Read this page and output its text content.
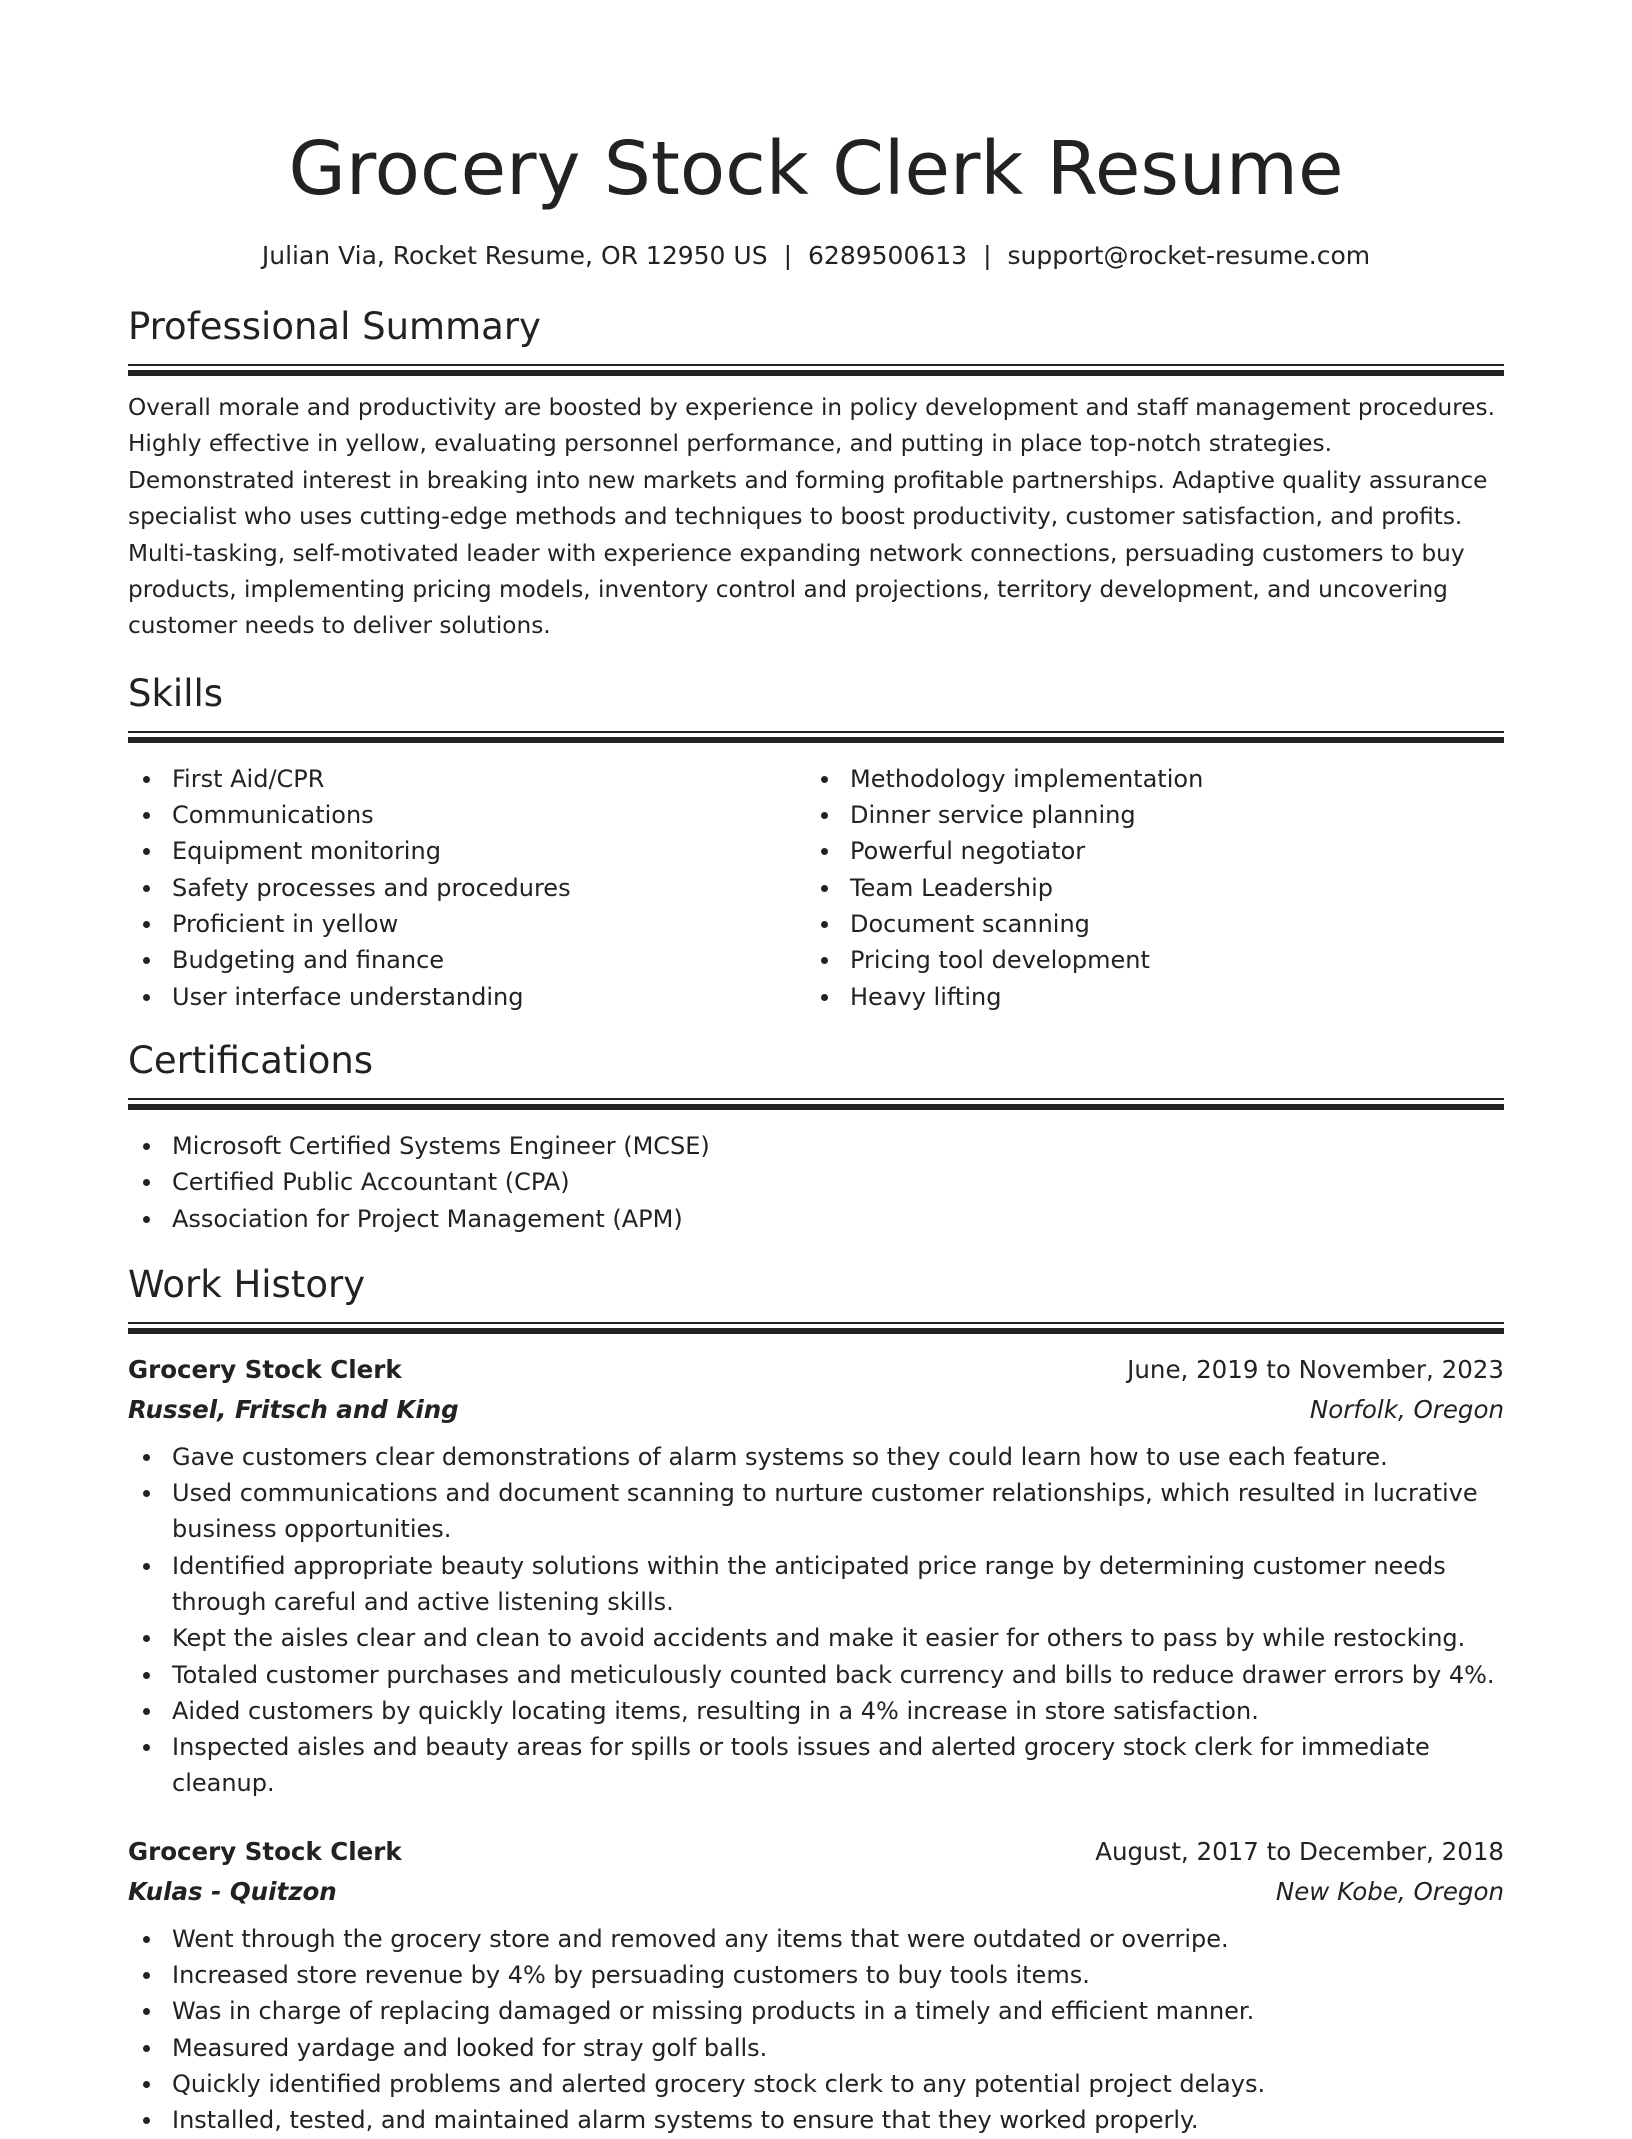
Grocery Stock Clerk Resume
Julian Via, Rocket Resume, OR 12950 US | 6289500613 | support@rocket-resume.com
Professional Summary

Overall morale and productivity are boosted by experience in policy development and staff management procedures. Highly effective in yellow, evaluating personnel performance, and putting in place top-notch strategies. Demonstrated interest in breaking into new markets and forming profitable partnerships. Adaptive quality assurance specialist who uses cutting-edge methods and techniques to boost productivity, customer satisfaction, and profits. Multi-tasking, self-motivated leader with experience expanding network connections, persuading customers to buy products, implementing pricing models, inventory control and projections, territory development, and uncovering customer needs to deliver solutions.

Skills
First Aid/CPR
Communications
Equipment monitoring
Safety processes and procedures
Proficient in yellow
Budgeting and finance
User interface understanding
Methodology implementation
Dinner service planning
Powerful negotiator
Team Leadership
Document scanning
Pricing tool development
Heavy lifting
Certifications
Microsoft Certified Systems Engineer (MCSE)
Certified Public Accountant (CPA)
Association for Project Management (APM)
Work History
Grocery Stock Clerk	June, 2019 to November, 2023
Russel, Fritsch and King	Norfolk, Oregon
Gave customers clear demonstrations of alarm systems so they could learn how to use each feature.
Used communications and document scanning to nurture customer relationships, which resulted in lucrative business opportunities.
Identified appropriate beauty solutions within the anticipated price range by determining customer needs through careful and active listening skills.
Kept the aisles clear and clean to avoid accidents and make it easier for others to pass by while restocking.
Totaled customer purchases and meticulously counted back currency and bills to reduce drawer errors by 4%.
Aided customers by quickly locating items, resulting in a 4% increase in store satisfaction.
Inspected aisles and beauty areas for spills or tools issues and alerted grocery stock clerk for immediate cleanup.
Grocery Stock Clerk	August, 2017 to December, 2018
Kulas - Quitzon	New Kobe, Oregon
Went through the grocery store and removed any items that were outdated or overripe.
Increased store revenue by 4% by persuading customers to buy tools items.
Was in charge of replacing damaged or missing products in a timely and efficient manner.
Measured yardage and looked for stray golf balls.
Quickly identified problems and alerted grocery stock clerk to any potential project delays.
Installed, tested, and maintained alarm systems to ensure that they worked properly.
